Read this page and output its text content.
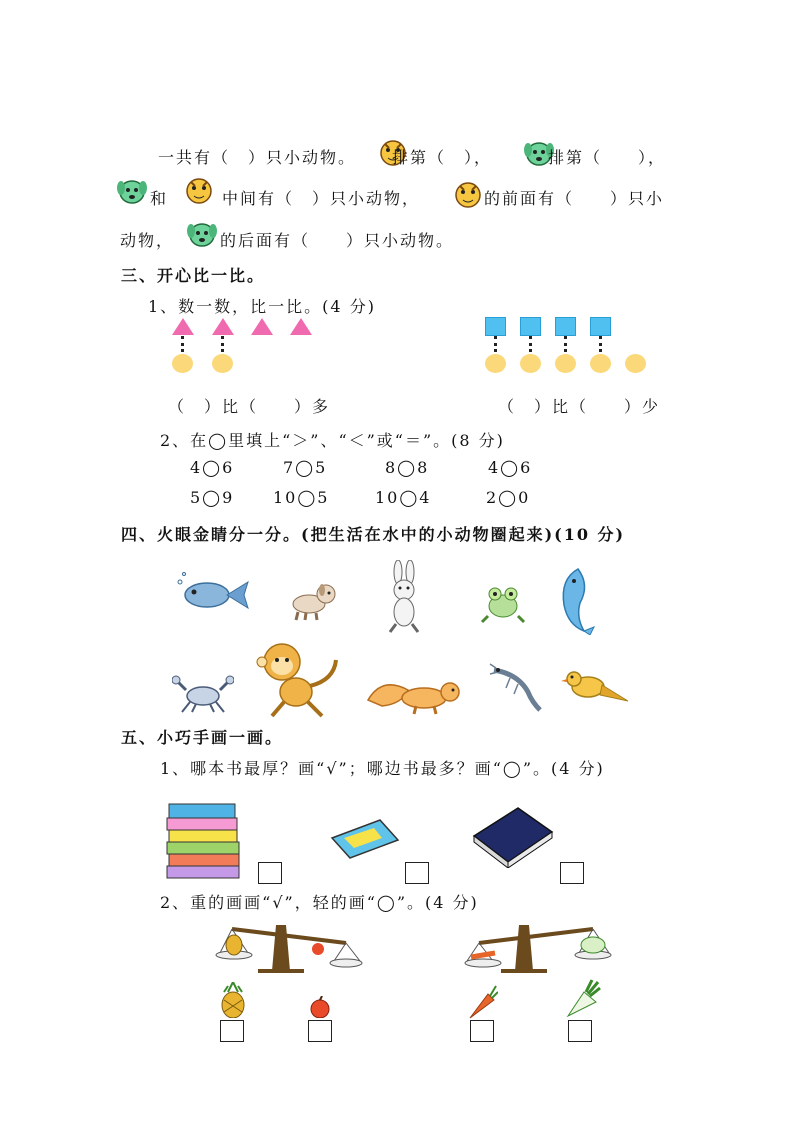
一共有（　）只小动物。 排第（　），	排第（　　），
和	中间有（　）只小动物，	的前面有（　　）只小
动物，	的后面有（　　）只小动物。
三、开心比一比。
1、数一数，比一比。(4 分)
（　）比（　　）多	（　）比（　　）少
2、在◯里填上“＞”、“＜”或“＝”。(8 分)
4◯6	7◯5	8◯8	4◯6
5◯9 10◯5	10◯4	2◯0
四、火眼金睛分一分。(把生活在水中的小动物圈起来)(10 分)
五、小巧手画一画。
1、哪本书最厚？画“√”；哪边书最多？画“◯”。(4 分)
2、重的画画“√”，轻的画“◯”。(4 分)
